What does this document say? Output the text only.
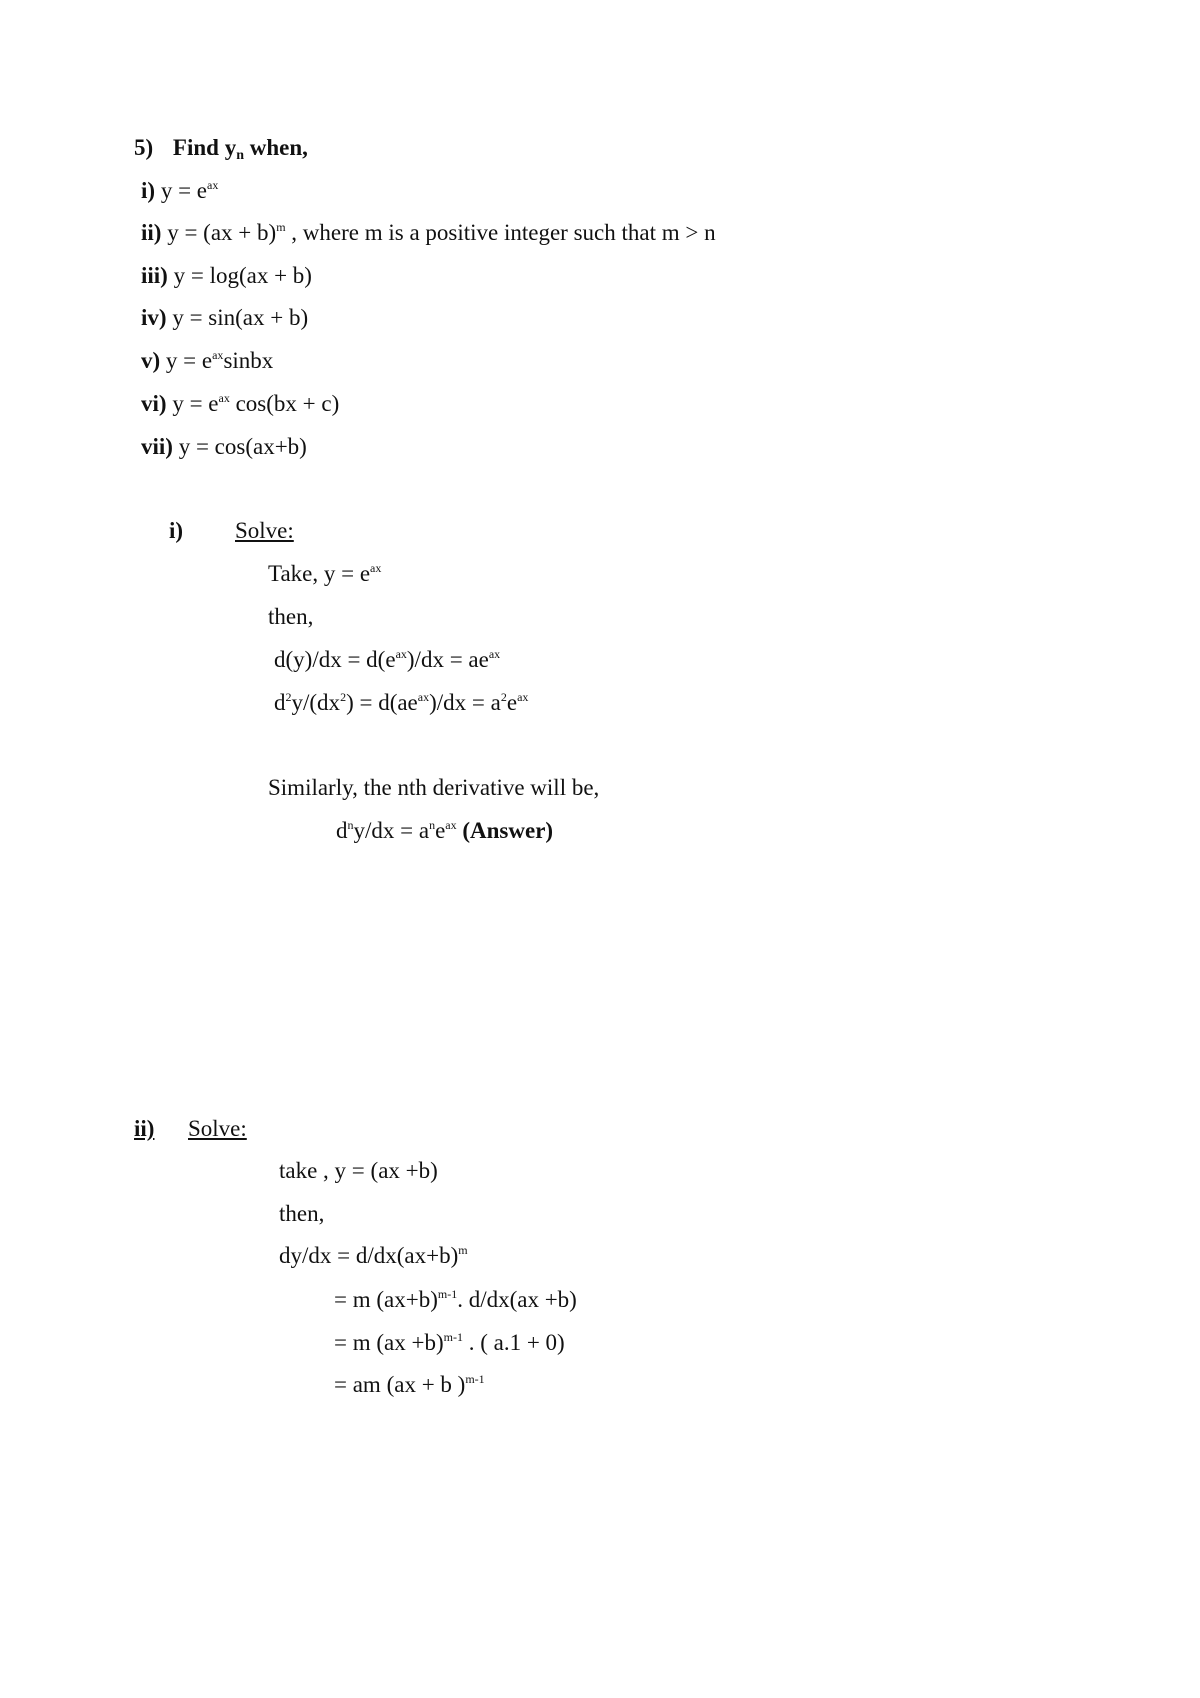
5) Find $y_n$ when,
i) $y = e^{ax}$
ii) y = (ax + b)$^m$ , where m is a positive integer such that m > n
iii) y = log(ax + b)
iv) y = sin(ax + b)
v) $y = e^{ax}sinbx$
vi) $y = e^{ax}$ cos(bx + c)
vii) y = cos(ax+b)
i) Solve:
Take, $y = e^{ax}$
then,
$d(y)/dx = d(e^{ax})/dx = ae^{ax}$
$d^2y/(dx^2) = d(ae^{ax})/dx = a^2e^{ax}$
Similarly, the nth derivative will be,
$d^ny/dx = a^ne^{ax}$ (Answer)
ii) Solve:
take , y = (ax +b)
then,
$dy/dx = d/dx(ax+b)^m$
= m $(ax+b)^{m-1}$. d/dx(ax +b)
= m (ax +b)$^{m-1}$ . ( a.1 + 0)
= am (ax + b )$^{m-1}$
